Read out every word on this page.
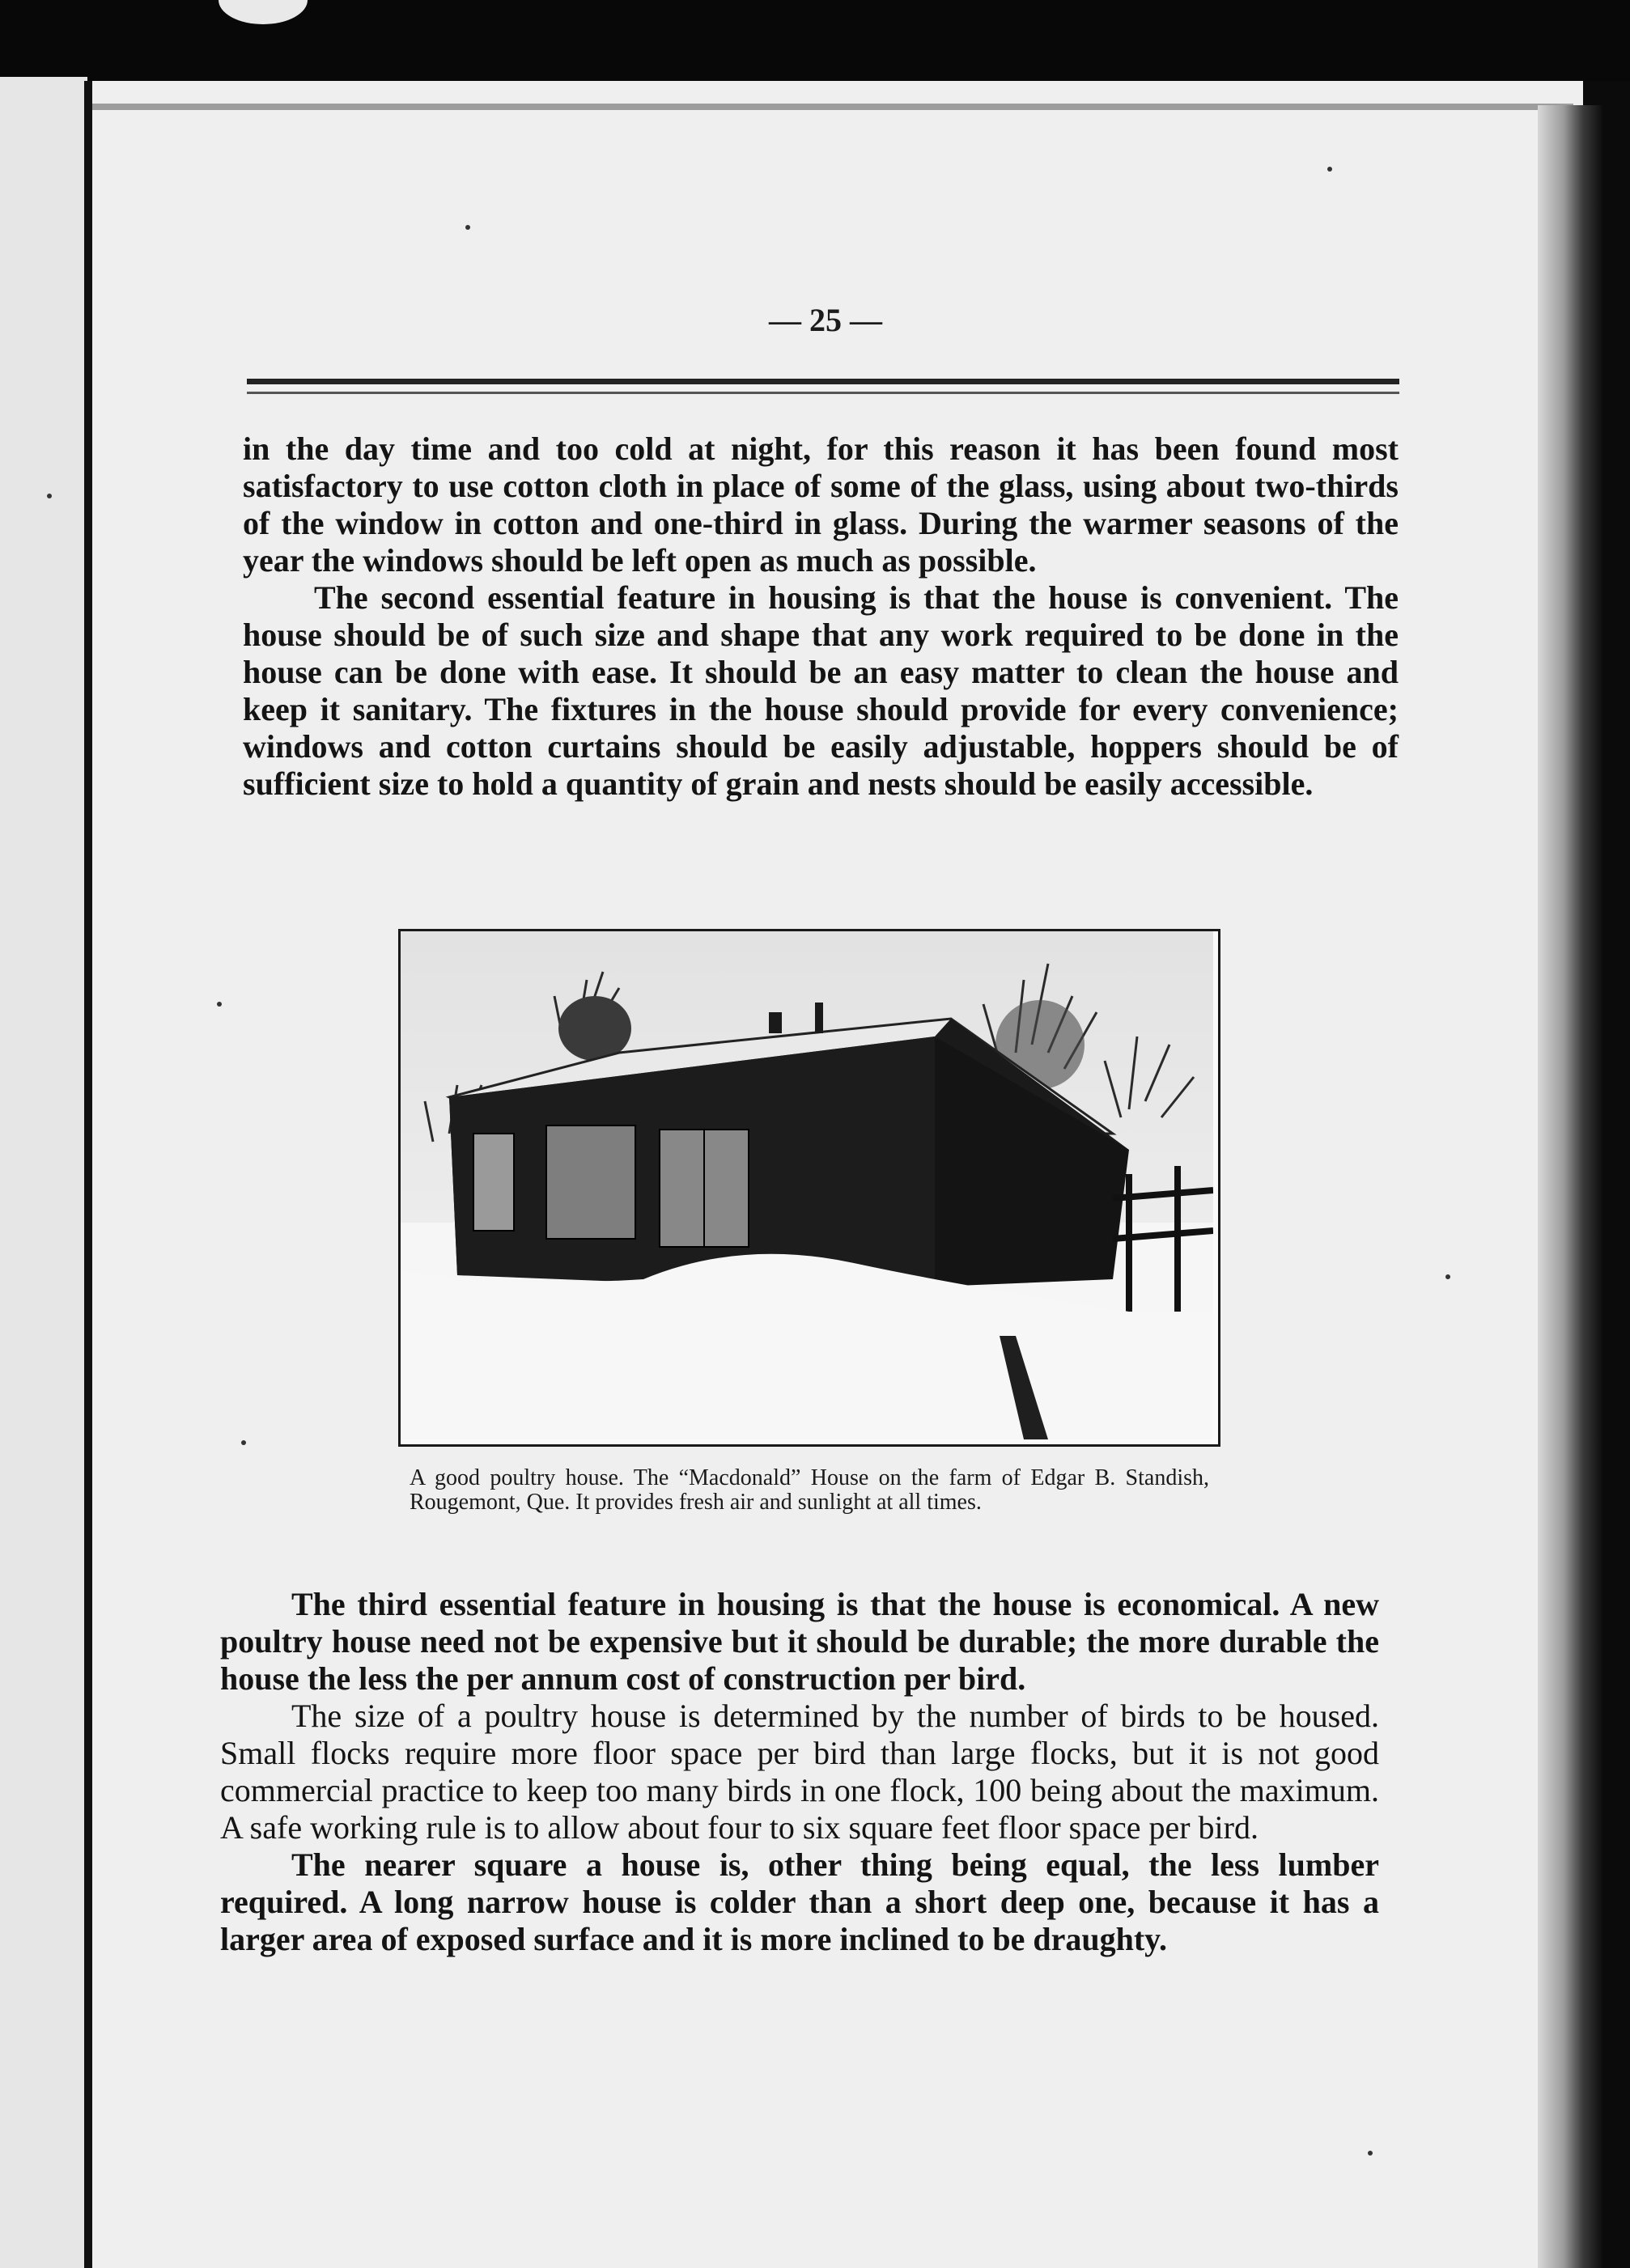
— 25 —

in the day time and too cold at night, for this reason it has been found most satisfactory to use cotton cloth in place of some of the glass, using about two-thirds of the window in cotton and one-third in glass. During the warmer seasons of the year the windows should be left open as much as possible.

The second essential feature in housing is that the house is convenient. The house should be of such size and shape that any work required to be done in the house can be done with ease. It should be an easy matter to clean the house and keep it sanitary. The fixtures in the house should provide for every convenience; windows and cotton curtains should be easily adjustable, hoppers should be of sufficient size to hold a quantity of grain and nests should be easily accessible.

A good poultry house. The “Macdonald” House on the farm of Edgar B. Standish, Rougemont, Que. It provides fresh air and sunlight at all times.

The third essential feature in housing is that the house is economical. A new poultry house need not be expensive but it should be durable; the more durable the house the less the per annum cost of construction per bird.

The size of a poultry house is determined by the number of birds to be housed. Small flocks require more floor space per bird than large flocks, but it is not good commercial practice to keep too many birds in one flock, 100 being about the maximum. A safe working rule is to allow about four to six square feet floor space per bird.

The nearer square a house is, other thing being equal, the less lumber required. A long narrow house is colder than a short deep one, because it has a larger area of exposed surface and it is more inclined to be draughty.
